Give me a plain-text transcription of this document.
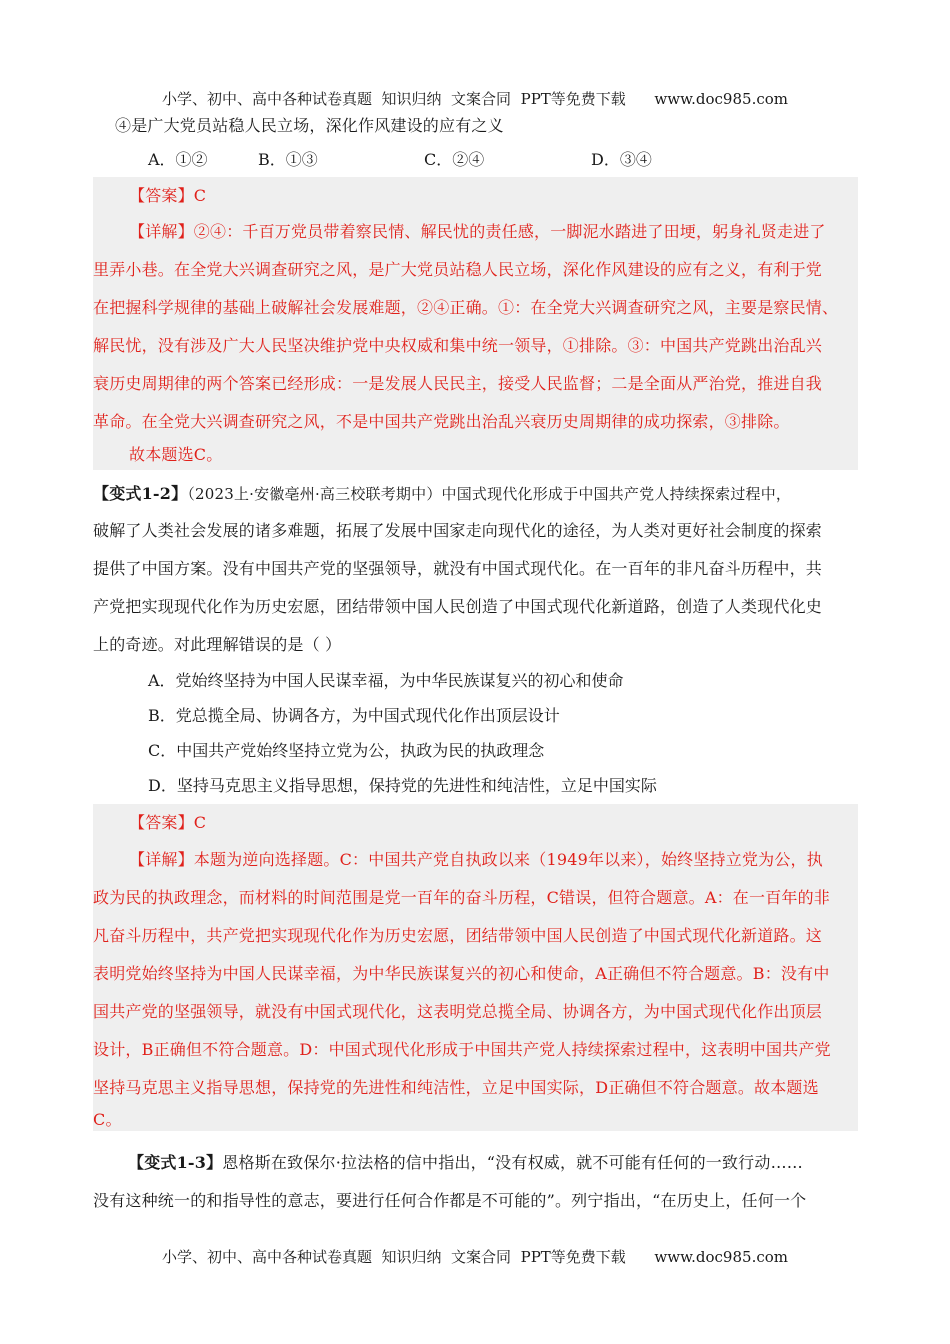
小学、初中、高中各种试卷真题  知识归纳  文案合同  PPT等免费下载      www.doc985.com
④是广大党员站稳人民立场，深化作风建设的应有之义
A．①②	B．①③	C．②④	D．③④
【答案】C
【详解】②④：千百万党员带着察民情、解民忧的责任感，一脚泥水踏进了田埂，躬身礼贤走进了
里弄小巷。在全党大兴调查研究之风，是广大党员站稳人民立场，深化作风建设的应有之义，有利于党
在把握科学规律的基础上破解社会发展难题，②④正确。①：在全党大兴调查研究之风，主要是察民情、
解民忧，没有涉及广大人民坚决维护党中央权威和集中统一领导，①排除。③：中国共产党跳出治乱兴
衰历史周期律的两个答案已经形成：一是发展人民民主，接受人民监督；二是全面从严治党，推进自我
革命。在全党大兴调查研究之风，不是中国共产党跳出治乱兴衰历史周期律的成功探索，③排除。
故本题选C。
【变式1-2】（2023上·安徽亳州·高三校联考期中）中国式现代化形成于中国共产党人持续探索过程中，
破解了人类社会发展的诸多难题，拓展了发展中国家走向现代化的途径，为人类对更好社会制度的探索
提供了中国方案。没有中国共产党的坚强领导，就没有中国式现代化。在一百年的非凡奋斗历程中，共
产党把实现现代化作为历史宏愿，团结带领中国人民创造了中国式现代化新道路，创造了人类现代化史
上的奇迹。对此理解错误的是（ ）
A．党始终坚持为中国人民谋幸福，为中华民族谋复兴的初心和使命
B．党总揽全局、协调各方，为中国式现代化作出顶层设计
C．中国共产党始终坚持立党为公，执政为民的执政理念
D．坚持马克思主义指导思想，保持党的先进性和纯洁性，立足中国实际
【答案】C
【详解】本题为逆向选择题。C：中国共产党自执政以来（1949年以来），始终坚持立党为公，执
政为民的执政理念，而材料的时间范围是党一百年的奋斗历程，C错误，但符合题意。A：在一百年的非
凡奋斗历程中，共产党把实现现代化作为历史宏愿，团结带领中国人民创造了中国式现代化新道路。这
表明党始终坚持为中国人民谋幸福，为中华民族谋复兴的初心和使命，A正确但不符合题意。B：没有中
国共产党的坚强领导，就没有中国式现代化，这表明党总揽全局、协调各方，为中国式现代化作出顶层
设计，B正确但不符合题意。D：中国式现代化形成于中国共产党人持续探索过程中，这表明中国共产党
坚持马克思主义指导思想，保持党的先进性和纯洁性，立足中国实际，D正确但不符合题意。故本题选
C。
【变式1-3】恩格斯在致保尔·拉法格的信中指出，“没有权威，就不可能有任何的一致行动……
没有这种统一的和指导性的意志，要进行任何合作都是不可能的”。列宁指出，“在历史上，任何一个
小学、初中、高中各种试卷真题  知识归纳  文案合同  PPT等免费下载      www.doc985.com
